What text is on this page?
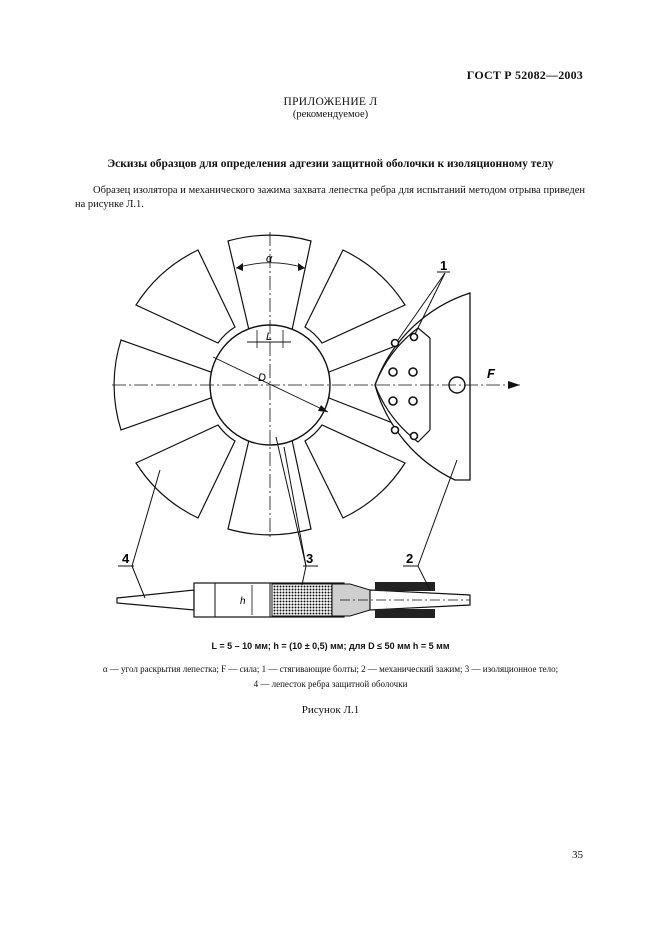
ГОСТ Р 52082—2003
ПРИЛОЖЕНИЕ Л
(рекомендуемое)
Эскизы образцов для определения адгезии защитной оболочки к изоляционному телу
Образец изолятора и механического зажима захвата лепестка ребра для испытаний методом отрыва приведен на рисунке Л.1.
F
α
L
D
1
h
2
3
4
L = 5 – 10 мм; h = (10 ± 0,5) мм; для D ≤ 50 мм h = 5 мм
α — угол раскрытия лепестка; F — сила; 1 — стягивающие болты; 2 — механический зажим; 3 — изоляционное тело;
4 — лепесток ребра защитной оболочки
Рисунок Л.1
35
